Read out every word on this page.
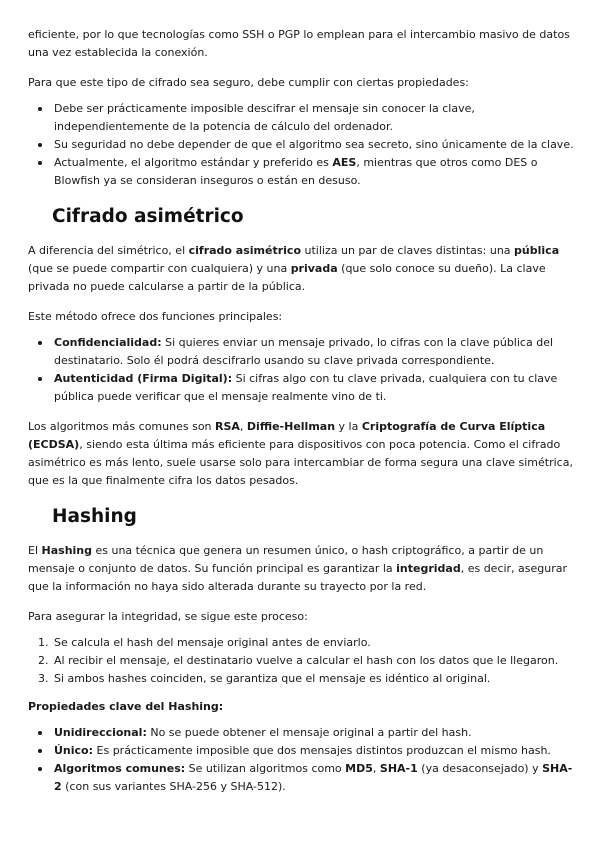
eficiente, por lo que tecnologías como SSH o PGP lo emplean para el intercambio masivo de datos una vez establecida la conexión.

Para que este tipo de cifrado sea seguro, debe cumplir con ciertas propiedades:

• Debe ser prácticamente imposible descifrar el mensaje sin conocer la clave, independientemente de la potencia de cálculo del ordenador.
• Su seguridad no debe depender de que el algoritmo sea secreto, sino únicamente de la clave.
• Actualmente, el algoritmo estándar y preferido es AES, mientras que otros como DES o Blowfish ya se consideran inseguros o están en desuso.
Cifrado asimétrico

A diferencia del simétrico, el cifrado asimétrico utiliza un par de claves distintas: una pública (que se puede compartir con cualquiera) y una privada (que solo conoce su dueño). La clave privada no puede calcularse a partir de la pública.

Este método ofrece dos funciones principales:

• Confidencialidad: Si quieres enviar un mensaje privado, lo cifras con la clave pública del destinatario. Solo él podrá descifrarlo usando su clave privada correspondiente.
• Autenticidad (Firma Digital): Si cifras algo con tu clave privada, cualquiera con tu clave pública puede verificar que el mensaje realmente vino de ti.

Los algoritmos más comunes son RSA, Diffie-Hellman y la Criptografía de Curva Elíptica (ECDSA), siendo esta última más eficiente para dispositivos con poca potencia. Como el cifrado asimétrico es más lento, suele usarse solo para intercambiar de forma segura una clave simétrica, que es la que finalmente cifra los datos pesados.

Hashing

El Hashing es una técnica que genera un resumen único, o hash criptográfico, a partir de un mensaje o conjunto de datos. Su función principal es garantizar la integridad, es decir, asegurar que la información no haya sido alterada durante su trayecto por la red.

Para asegurar la integridad, se sigue este proceso:

1. Se calcula el hash del mensaje original antes de enviarlo.
2. Al recibir el mensaje, el destinatario vuelve a calcular el hash con los datos que le llegaron.
3. Si ambos hashes coinciden, se garantiza que el mensaje es idéntico al original.

Propiedades clave del Hashing:

• Unidireccional: No se puede obtener el mensaje original a partir del hash.
• Único: Es prácticamente imposible que dos mensajes distintos produzcan el mismo hash.
• Algoritmos comunes: Se utilizan algoritmos como MD5, SHA-1 (ya desaconsejado) y SHA-2 (con sus variantes SHA-256 y SHA-512).
